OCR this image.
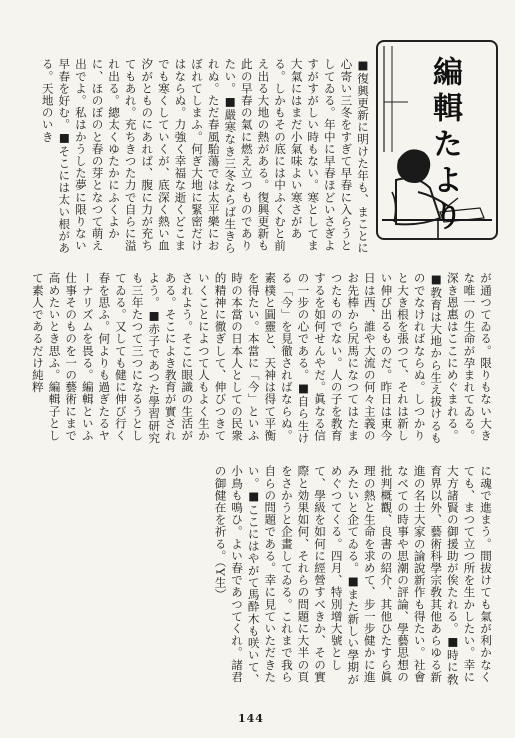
編輯たより
■復興更新に明けた年も、まことに心寄い三冬をすぎて早春に入らうとしてゐる。年中に早春ほどいさぎよすがすがしい時もない。寒としてま大氣にはまだ小氣味よい寒さがある。しかもその底には中ふくむと前え出る大地の熱がある。復興更新も此の早春の氣に燃え立つものでありたい。■嚴寒なき三冬ならば生きられぬ。ただ春風駘蕩では太平樂におぼれてしまふ。何ぎ大地に緊密だけはならぬ。力強く幸福な逝くどこまでも寒くしていくが、底深く熱い血汐がとものにあれば、腹に力が充ちてもあれ。充ちきつた力で自らに溢れ出る。總太くゆたかにふくよかに、ほのぼのと春の芽となつて萌え出でよ。私はかうした夢に限りない早春を好む。■そこには太い根がある。天地のいき
が通つてゐる。限りもない大きな唯一の生命が孕まれてゐる。深き恩惠はここにめぐまれる。■教育は大地から生え拔けるものでなければならぬ。しつかりと大き根を張つて、それは新しい伸び出るものだ。昨日は東今日は西、誰や大流の何々主義のお先棒から尻馬になつてはたまつたものでない。人の子を教育するを如何せんやだ。眞なる信の一步の心である。■自ら生ける「今」を見徹さればならぬ。素樸と圓靈と、天神は得て平衡を得たい。本當に「今」といふ時の本當の日本人としての民衆的精神に徹ぎして、伸びつきていくことによつて人もよく生かされよう。そこに眼識の生活がある。そこによき教育が實されよう。■赤子であつた學習研究も三年たつて三つになるうとしてゐる。又しても健に伸び行く春を思ふ。何よりも過ぎたるヤーナリズムを畏る。編輯といふ仕事そのものを一の藝術にまで高めたいとき思ふ。編輯子として素人であるだけ純粹
に魂で進まう。間拔けても氣が利かなくても、まつて立つ所を生かしたい。幸に大方諸賢の御援助が俟たれる。■時に敎育界以外、藝術科學宗敎其他あらゆる新進の名士大家の論說新作も得たい。社會なべての時事や思潮の評論、學藝思想の批判概觀、良書の紹介、其他ひたすら眞理の熱と生命を求めて、步一步健かに進みたいと企てゐる。■また新しい學期がめぐつてくる。四月、特別增大號として、學級を如何に經營すべきか、その實際と効果如何、それらの問題に大半の頁をさかうと企畫してゐる。これまで我ら自らの問題である。幸に見ていただきたい。■ここにはやがて馬酔木も咲いて、小鳥も鳴ひ。よい春であつてくれ。諸君の御健在を祈る。（Y生）
144
